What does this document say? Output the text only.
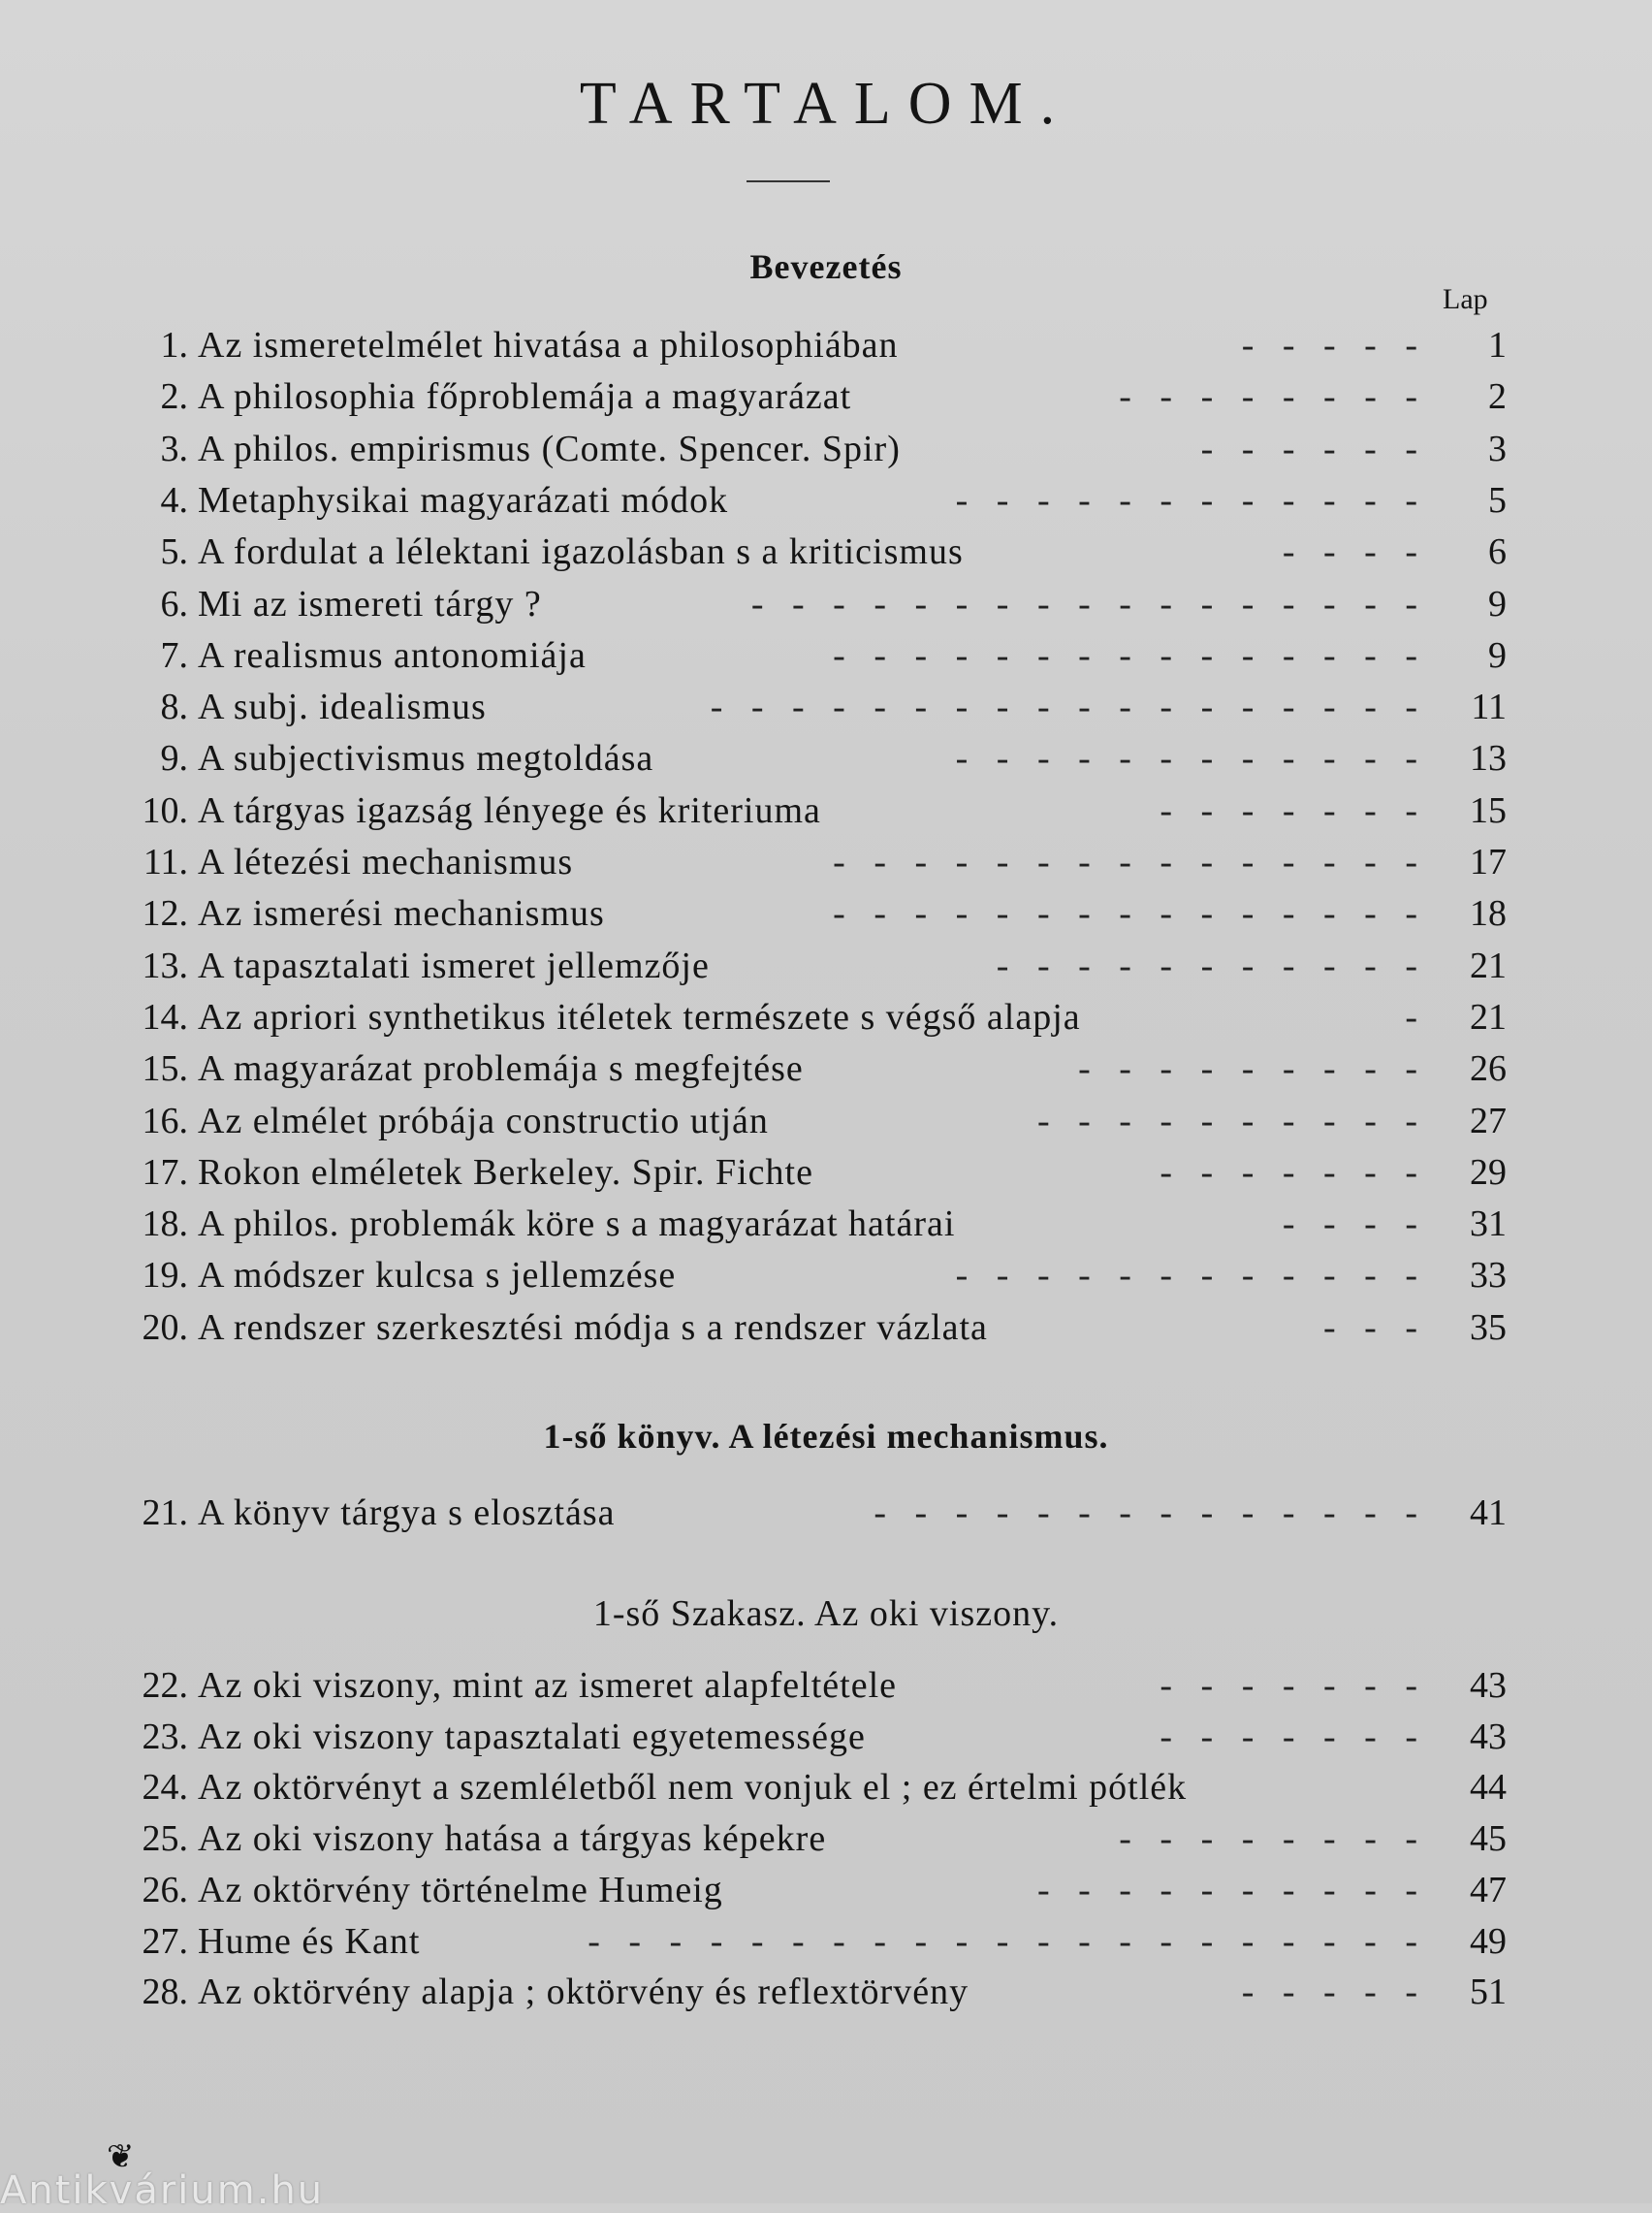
TARTALOM.
Bevezetés
Lap
1. Az ismeretelmélet hivatása a philosophiában	- - - - -	1
2. A philosophia főproblemája a magyarázat	- - - - - - - -	2
3. A philos. empirismus (Comte. Spencer. Spir)	- - - - - -	3
4. Metaphysikai magyarázati módok	- - - - - - - - - - - -	5
5. A fordulat a lélektani igazolásban s a kriticismus	- - - -	6
6. Mi az ismereti tárgy ?	- - - - - - - - - - - - - - - - -	9
7. A realismus antonomiája	- - - - - - - - - - - - - - -	9
8. A subj. idealismus	- - - - - - - - - - - - - - - - - -	11
9. A subjectivismus megtoldása	- - - - - - - - - - - -	13
10. A tárgyas igazság lényege és kriteriuma	- - - - - - -	15
11. A létezési mechanismus	- - - - - - - - - - - - - - -	17
12. Az ismerési mechanismus	- - - - - - - - - - - - - - -	18
13. A tapasztalati ismeret jellemzője	- - - - - - - - - - -	21
14. Az apriori synthetikus itéletek természete s végső alapja	-	21
15. A magyarázat problemája s megfejtése	- - - - - - - - -	26
16. Az elmélet próbája constructio utján	- - - - - - - - - -	27
17. Rokon elméletek Berkeley. Spir. Fichte	- - - - - - -	29
18. A philos. problemák köre s a magyarázat határai	- - - -	31
19. A módszer kulcsa s jellemzése	- - - - - - - - - - - -	33
20. A rendszer szerkesztési módja s a rendszer vázlata	- - -	35
1-ső könyv. A létezési mechanismus.
21. A könyv tárgya s elosztása	- - - - - - - - - - - - - -	41
1-ső Szakasz. Az oki viszony.
22. Az oki viszony, mint az ismeret alapfeltétele	- - - - - - -	43
23. Az oki viszony tapasztalati egyetemessége	- - - - - - -	43
24. Az oktörvényt a szemléletből nem vonjuk el ; ez értelmi pótlék	44
25. Az oki viszony hatása a tárgyas képekre	- - - - - - - -	45
26. Az oktörvény történelme Humeig	- - - - - - - - - -	47
27. Hume és Kant	- - - - - - - - - - - - - - - - - - - - -	49
28. Az oktörvény alapja ; oktörvény és reflextörvény	- - - - -	51
❦
Antikvárium.hu
